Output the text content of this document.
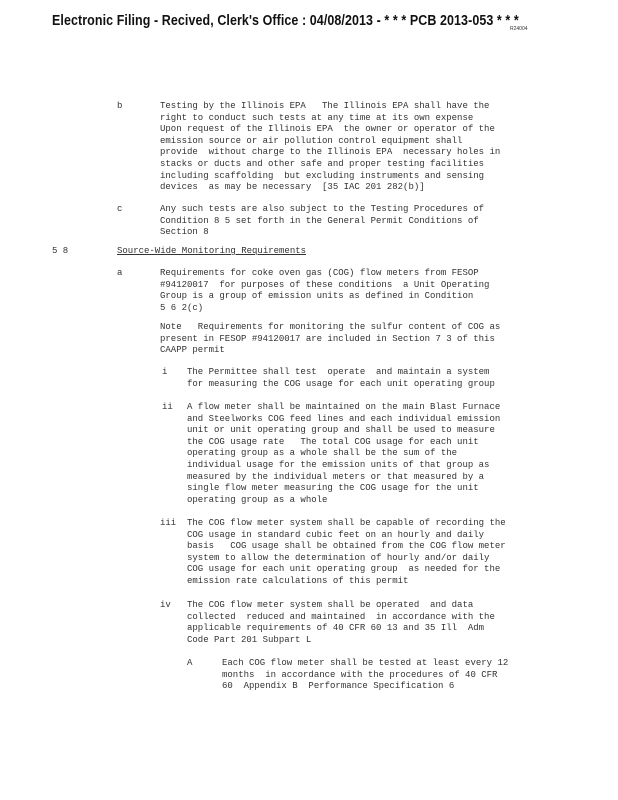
Electronic Filing - Recived, Clerk's Office : 04/08/2013 - * * * PCB 2013-053 * * *
R24004
b	Testing by the Illinois EPA   The Illinois EPA shall have the
right to conduct such tests at any time at its own expense
Upon request of the Illinois EPA  the owner or operator of the
emission source or air pollution control equipment shall
provide  without charge to the Illinois EPA  necessary holes in
stacks or ducts and other safe and proper testing facilities
including scaffolding  but excluding instruments and sensing
devices  as may be necessary  [35 IAC 201 282(b)]
c	Any such tests are also subject to the Testing Procedures of
Condition 8 5 set forth in the General Permit Conditions of
Section 8
5 8	Source-Wide Monitoring Requirements
a	Requirements for coke oven gas (COG) flow meters from FESOP
#94120017  for purposes of these conditions  a Unit Operating
Group is a group of emission units as defined in Condition
5 6 2(c)
Note   Requirements for monitoring the sulfur content of COG as
present in FESOP #94120017 are included in Section 7 3 of this
CAAPP permit
i The Permittee shall test  operate  and maintain a system
for measuring the COG usage for each unit operating group
ii A flow meter shall be maintained on the main Blast Furnace
and Steelworks COG feed lines and each individual emission
unit or unit operating group and shall be used to measure
the COG usage rate   The total COG usage for each unit
operating group as a whole shall be the sum of the
individual usage for the emission units of that group as
measured by the individual meters or that measured by a
single flow meter measuring the COG usage for the unit
operating group as a whole
iii The COG flow meter system shall be capable of recording the
COG usage in standard cubic feet on an hourly and daily
basis   COG usage shall be obtained from the COG flow meter
system to allow the determination of hourly and/or daily
COG usage for each unit operating group  as needed for the
emission rate calculations of this permit
iv The COG flow meter system shall be operated  and data
collected  reduced and maintained  in accordance with the
applicable requirements of 40 CFR 60 13 and 35 Ill  Adm
Code Part 201 Subpart L
A	Each COG flow meter shall be tested at least every 12
months  in accordance with the procedures of 40 CFR
60  Appendix B  Performance Specification 6
